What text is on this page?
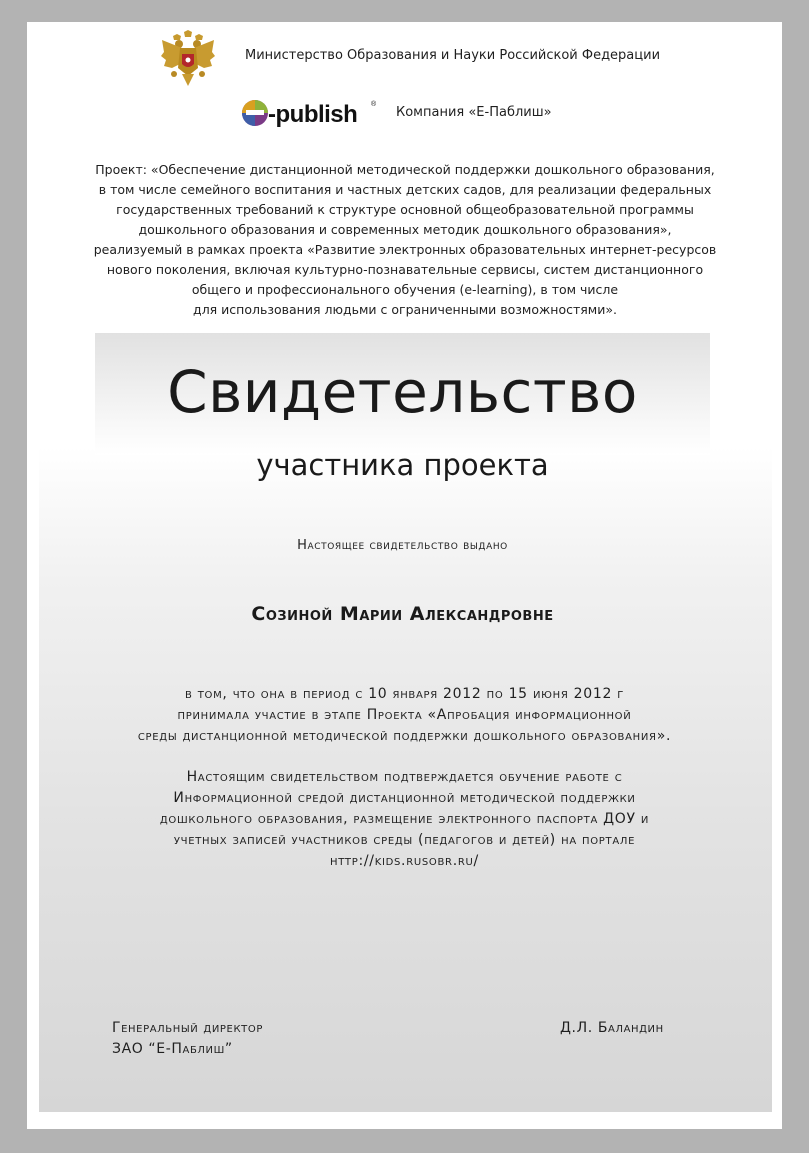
Министерство Образования и Науки Российской Федерации
-publish ®
Компания «Е-Паблиш»
Проект: «Обеспечение дистанционной методической поддержки дошкольного образования,
в том числе семейного воспитания и частных детских садов, для реализации федеральных
государственных требований к структуре основной общеобразовательной программы
дошкольного образования и современных методик дошкольного образования»,
реализуемый в рамках проекта «Развитие электронных образовательных интернет-ресурсов
нового поколения, включая культурно-познавательные сервисы, систем дистанционного
общего и профессионального обучения (e-learning), в том числе
для использования людьми с ограниченными возможностями».
Свидетельство
участника проекта
Настоящее свидетельство выдано
Созиной Марии Александровне
в том, что она в период с 10 января 2012 по 15 июня 2012 г
принимала участие в этапе Проекта «Апробация информационной
среды дистанционной методической поддержки дошкольного образования».
Настоящим свидетельством подтверждается обучение работе с
Информационной средой дистанционной методической поддержки
дошкольного образования, размещение электронного паспорта ДОУ и
учетных записей участников среды (педагогов и детей) на портале
http://kids.rusobr.ru/
Генеральный директор
ЗАО “Е-Паблиш”
Д.Л. Баландин
